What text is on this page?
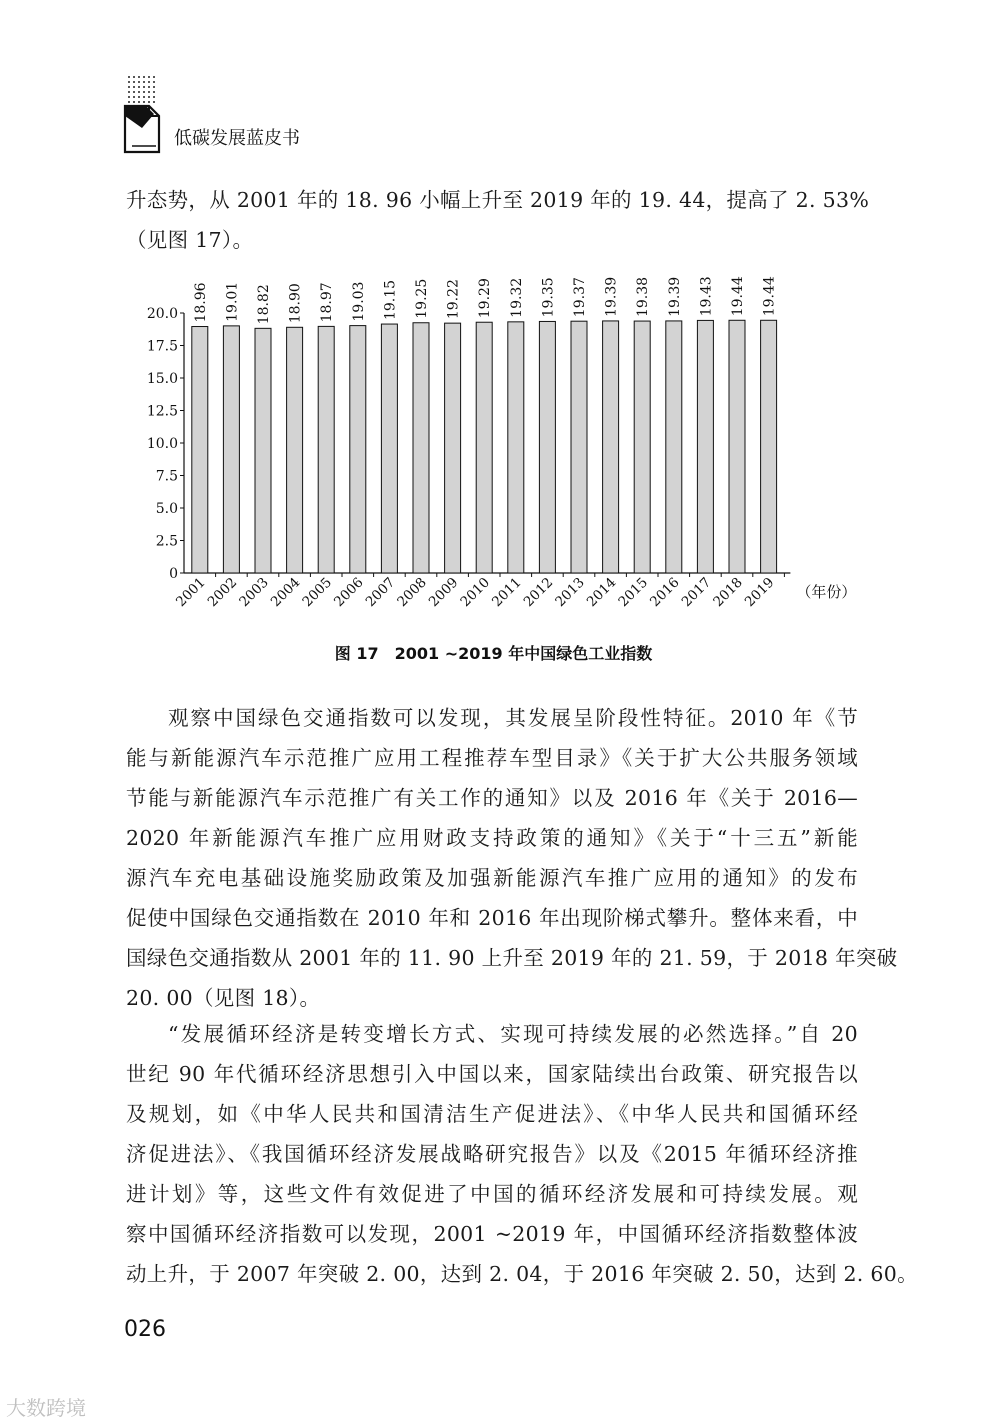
低碳发展蓝皮书
升态势，从 2001 年的 18. 96 小幅上升至 2019 年的 19. 44，提高了 2. 53%
（见图 17）。
0
2.5
5.0
7.5
10.0
12.5
15.0
17.5
20.0 18.96
2001
19.01
2002
18.82
2003
18.90
2004
18.97
2005
19.03
2006
19.15
2007
19.25
2008
19.22
2009
19.29
2010
19.32
2011
19.35
2012
19.37
2013
19.39
2014
19.38
2015
19.39
2016
19.43
2017
19.44
2018
19.44
2019 （年份）
图 17　2001 ~2019 年中国绿色工业指数
观察中国绿色交通指数可以发现，其发展呈阶段性特征。2010 年《节
能与新能源汽车示范推广应用工程推荐车型目录》《关于扩大公共服务领域
节能与新能源汽车示范推广有关工作的通知》以及 2016 年《关于 2016—
2020 年新能源汽车推广应用财政支持政策的通知》《关于“十三五”新能
源汽车充电基础设施奖励政策及加强新能源汽车推广应用的通知》的发布
促使中国绿色交通指数在 2010 年和 2016 年出现阶梯式攀升。整体来看，中
国绿色交通指数从 2001 年的 11. 90 上升至 2019 年的 21. 59，于 2018 年突破
20. 00（见图 18）。
“发展循环经济是转变增长方式、实现可持续发展的必然选择。”自 20
世纪 90 年代循环经济思想引入中国以来，国家陆续出台政策、研究报告以
及规划，如《中华人民共和国清洁生产促进法》、《中华人民共和国循环经
济促进法》、《我国循环经济发展战略研究报告》以及《2015 年循环经济推
进计划》等，这些文件有效促进了中国的循环经济发展和可持续发展。观
察中国循环经济指数可以发现，2001 ~2019 年，中国循环经济指数整体波
动上升，于 2007 年突破 2. 00，达到 2. 04，于 2016 年突破 2. 50，达到 2. 60。
026
大数跨境
